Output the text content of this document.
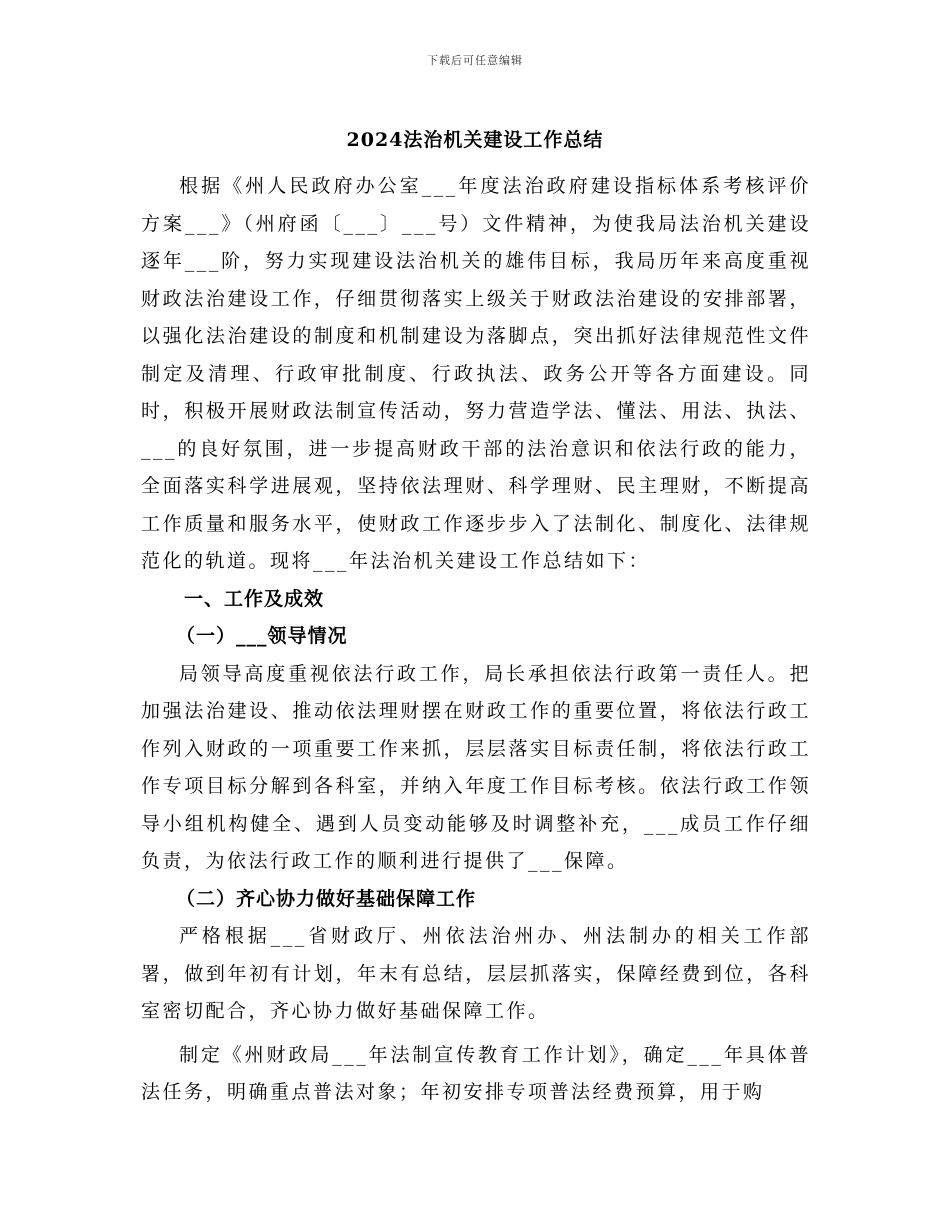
下载后可任意编辑
2024法治机关建设工作总结

根据《州人民政府办公室___年度法治政府建设指标体系考核评价方案___》（州府函〔___〕___号）文件精神，为使我局法治机关建设逐年___阶，努力实现建设法治机关的雄伟目标，我局历年来高度重视财政法治建设工作，仔细贯彻落实上级关于财政法治建设的安排部署，以强化法治建设的制度和机制建设为落脚点，突出抓好法律规范性文件制定及清理、行政审批制度、行政执法、政务公开等各方面建设。同时，积极开展财政法制宣传活动，努力营造学法、懂法、用法、执法、___的良好氛围，进一步提高财政干部的法治意识和依法行政的能力，全面落实科学进展观，坚持依法理财、科学理财、民主理财，不断提高工作质量和服务水平，使财政工作逐步步入了法制化、制度化、法律规范化的轨道。现将___年法治机关建设工作总结如下：

一、工作及成效

（一）___领导情况

局领导高度重视依法行政工作，局长承担依法行政第一责任人。把加强法治建设、推动依法理财摆在财政工作的重要位置，将依法行政工作列入财政的一项重要工作来抓，层层落实目标责任制，将依法行政工作专项目标分解到各科室，并纳入年度工作目标考核。依法行政工作领导小组机构健全、遇到人员变动能够及时调整补充，___成员工作仔细负责，为依法行政工作的顺利进行提供了___保障。

（二）齐心协力做好基础保障工作

严格根据___省财政厅、州依法治州办、州法制办的相关工作部署，做到年初有计划，年末有总结，层层抓落实，保障经费到位，各科室密切配合，齐心协力做好基础保障工作。

制定《州财政局___年法制宣传教育工作计划》，确定___年具体普法任务，明确重点普法对象；年初安排专项普法经费预算，用于购
